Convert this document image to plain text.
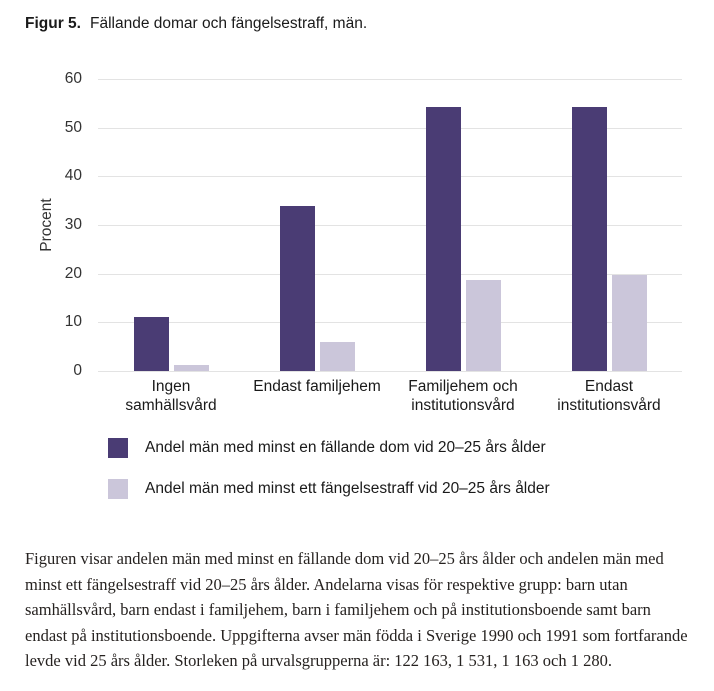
Figur 5. Fällande domar och fängelsestraff, män.
Procent
0
10
20
30
40
50
60
Ingen samhällsvård
Endast familjehem	Familjehem och institutionsvård
Endast institutionsvård
Andel män med minst en fällande dom vid 20–25 års ålder
Andel män med minst ett fängelsestraff vid 20–25 års ålder
Figuren visar andelen män med minst en fällande dom vid 20–25 års ålder och andelen män med minst ett fängelsestraff vid 20–25 års ålder. Andelarna visas för respektive grupp: barn utan samhällsvård, barn endast i familjehem, barn i familjehem och på institutionsboende samt barn endast på institutionsboende. Uppgifterna avser män födda i Sverige 1990 och 1991 som fortfarande levde vid 25 års ålder. Storleken på urvalsgrupperna är: 122 163, 1 531, 1 163 och 1 280.
